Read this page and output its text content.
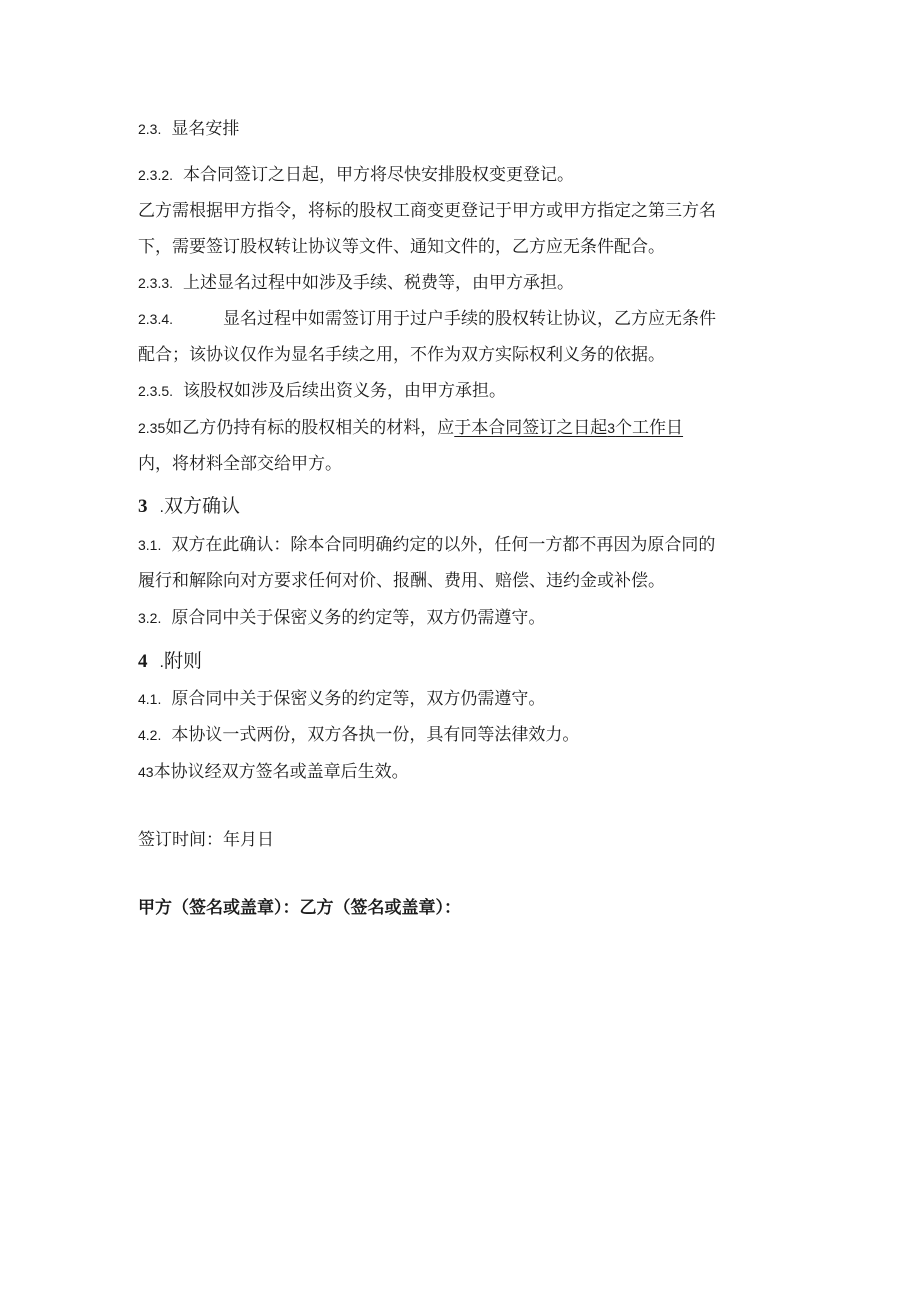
2.3. 显名安排
2.3.2. 本合同签订之日起，甲方将尽快安排股权变更登记。
乙方需根据甲方指令，将标的股权工商变更登记于甲方或甲方指定之第三方名
下，需要签订股权转让协议等文件、通知文件的，乙方应无条件配合。
2.3.3. 上述显名过程中如涉及手续、税费等，由甲方承担。
2.3.4.	显名过程中如需签订用于过户手续的股权转让协议，乙方应无条件
配合；该协议仅作为显名手续之用，不作为双方实际权利义务的依据。
2.3.5. 该股权如涉及后续出资义务，由甲方承担。
2.35如乙方仍持有标的股权相关的材料，应于本合同签订之日起3个工作日
内，将材料全部交给甲方。
3 .双方确认
3.1. 双方在此确认：除本合同明确约定的以外，任何一方都不再因为原合同的
履行和解除向对方要求任何对价、报酬、费用、赔偿、违约金或补偿。
3.2. 原合同中关于保密义务的约定等，双方仍需遵守。
4 .附则
4.1. 原合同中关于保密义务的约定等，双方仍需遵守。
4.2. 本协议一式两份，双方各执一份，具有同等法律效力。
43本协议经双方签名或盖章后生效。
签订时间：年月日
甲方（签名或盖章）：乙方（签名或盖章）：
